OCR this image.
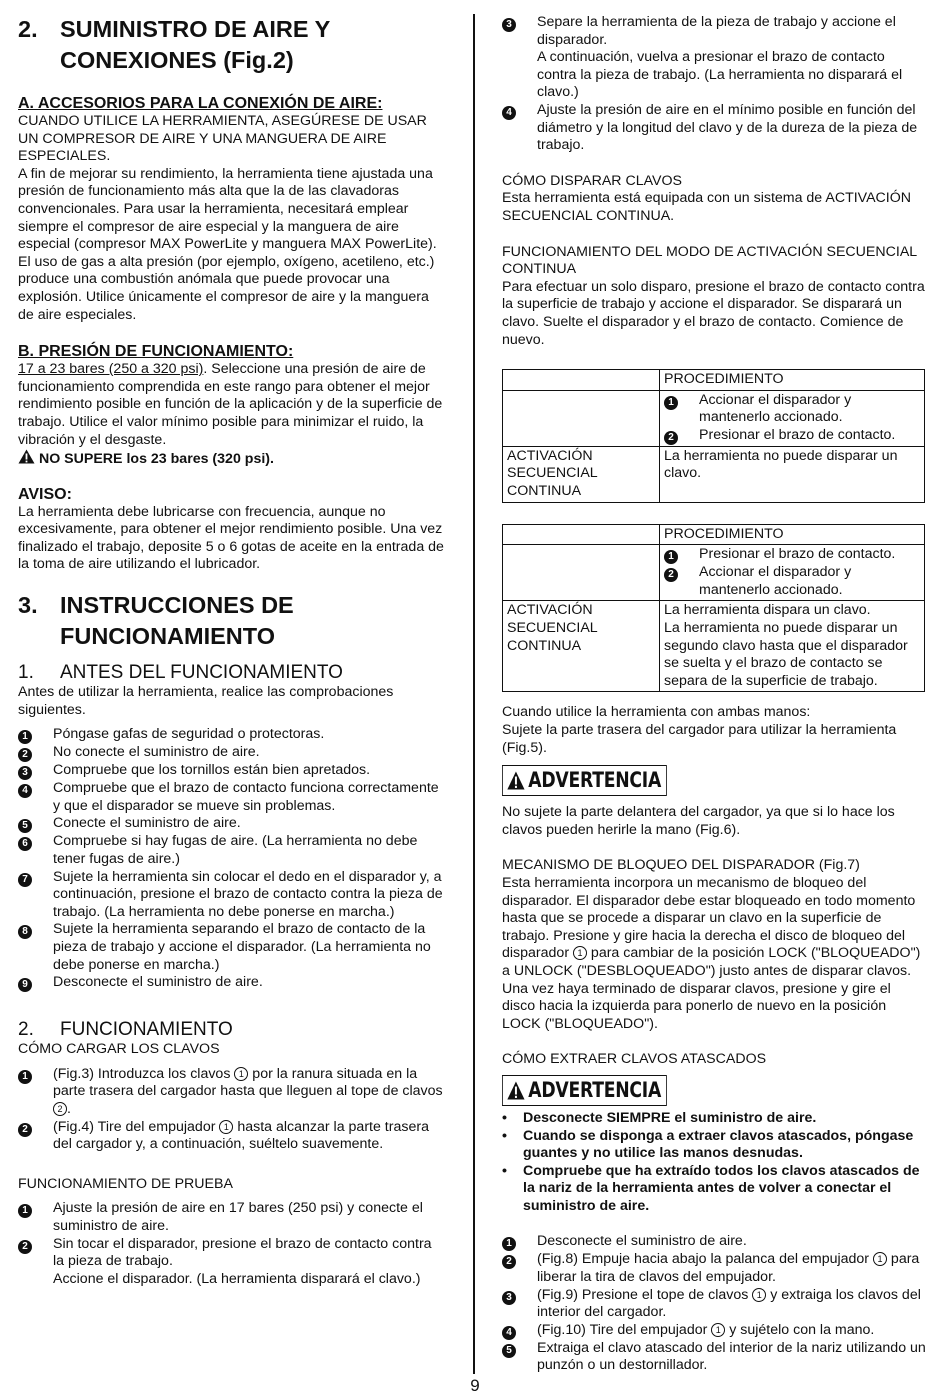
2. SUMINISTRO DE AIRE Y
CONEXIONES (Fig.2)

A. ACCESORIOS PARA LA CONEXIÓN DE AIRE:

CUANDO UTILICE LA HERRAMIENTA, ASEGÚRESE DE USAR UN COMPRESOR DE AIRE Y UNA MANGUERA DE AIRE ESPECIALES.

A fin de mejorar su rendimiento, la herramienta tiene ajustada una presión de funcionamiento más alta que la de las clavadoras convencionales. Para usar la herramienta, necesitará emplear siempre el compresor de aire especial y la manguera de aire especial (compresor MAX PowerLite y manguera MAX PowerLite).

El uso de gas a alta presión (por ejemplo, oxígeno, acetileno, etc.) produce una combustión anómala que puede provocar una explosión. Utilice únicamente el compresor de aire y la manguera de aire especiales.

B. PRESIÓN DE FUNCIONAMIENTO:

17 a 23 bares (250 a 320 psi). Seleccione una presión de aire de funcionamiento comprendida en este rango para obtener el mejor rendimiento posible en función de la aplicación y de la superficie de trabajo. Utilice el valor mínimo posible para minimizar el ruido, la vibración y el desgaste.

NO SUPERE los 23 bares (320 psi).

AVISO:

La herramienta debe lubricarse con frecuencia, aunque no excesivamente, para obtener el mejor rendimiento posible. Una vez finalizado el trabajo, deposite 5 o 6 gotas de aceite en la entrada de la toma de aire utilizando el lubricador.

3. INSTRUCCIONES DE
FUNCIONAMIENTO
1.	ANTES DEL FUNCIONAMIENTO

Antes de utilizar la herramienta, realice las comprobaciones siguientes.

1	Póngase gafas de seguridad o protectoras.
2	No conecte el suministro de aire.
3	Compruebe que los tornillos están bien apretados.
4	Compruebe que el brazo de contacto funciona correctamente y que el disparador se mueve sin problemas.
5	Conecte el suministro de aire.
6	Compruebe si hay fugas de aire. (La herramienta no debe tener fugas de aire.)
7	Sujete la herramienta sin colocar el dedo en el disparador y, a continuación, presione el brazo de contacto contra la pieza de trabajo. (La herramienta no debe ponerse en marcha.)
8	Sujete la herramienta separando el brazo de contacto de la pieza de trabajo y accione el disparador. (La herramienta no debe ponerse en marcha.)
9	Desconecte el suministro de aire.
2.	FUNCIONAMIENTO

CÓMO CARGAR LOS CLAVOS

1	(Fig.3) Introduzca los clavos 1 por la ranura situada en la parte trasera del cargador hasta que lleguen al tope de clavos 2 .
2	(Fig.4) Tire del empujador 1 hasta alcanzar la parte trasera del cargador y, a continuación, suéltelo suavemente.

FUNCIONAMIENTO DE PRUEBA

1	Ajuste la presión de aire en 17 bares (250 psi) y conecte el suministro de aire.
2	Sin tocar el disparador, presione el brazo de contacto contra la pieza de trabajo.
Accione el disparador. (La herramienta disparará el clavo.)
3	Separe la herramienta de la pieza de trabajo y accione el disparador.
A continuación, vuelva a presionar el brazo de contacto contra la pieza de trabajo. (La herramienta no disparará el clavo.)
4	Ajuste la presión de aire en el mínimo posible en función del diámetro y la longitud del clavo y de la dureza de la pieza de trabajo.

CÓMO DISPARAR CLAVOS

Esta herramienta está equipada con un sistema de ACTIVACIÓN SECUENCIAL CONTINUA.

FUNCIONAMIENTO DEL MODO DE ACTIVACIÓN SECUENCIAL CONTINUA

Para efectuar un solo disparo, presione el brazo de contacto contra la superficie de trabajo y accione el disparador. Se disparará un clavo. Suelte el disparador y el brazo de contacto. Comience de nuevo.

	PROCEDIMIENTO

	1 Accionar el disparador y mantenerlo accionado.
2 Presionar el brazo de contacto.

ACTIVACIÓN SECUENCIAL CONTINUA	La herramienta no puede disparar un clavo.
	PROCEDIMIENTO

	1 Presionar el brazo de contacto.
2 Accionar el disparador y mantenerlo accionado.

ACTIVACIÓN SECUENCIAL CONTINUA	La herramienta dispara un clavo.
La herramienta no puede disparar un segundo clavo hasta que el disparador se suelta y el brazo de contacto se separa de la superficie de trabajo.

Cuando utilice la herramienta con ambas manos:

Sujete la parte trasera del cargador para utilizar la herramienta (Fig.5).

ADVERTENCIA

No sujete la parte delantera del cargador, ya que si lo hace los clavos pueden herirle la mano (Fig.6).

MECANISMO DE BLOQUEO DEL DISPARADOR (Fig.7)

Esta herramienta incorpora un mecanismo de bloqueo del disparador. El disparador debe estar bloqueado en todo momento hasta que se procede a disparar un clavo en la superficie de trabajo. Presione y gire hacia la derecha el disco de bloqueo del disparador 1 para cambiar de la posición LOCK ("BLOQUEADO") a UNLOCK ("DESBLOQUEADO") justo antes de disparar clavos. Una vez haya terminado de disparar clavos, presione y gire el disco hacia la izquierda para ponerlo de nuevo en la posición LOCK ("BLOQUEADO").

CÓMO EXTRAER CLAVOS ATASCADOS

ADVERTENCIA
•	Desconecte SIEMPRE el suministro de aire.
•	Cuando se disponga a extraer clavos atascados, póngase guantes y no utilice las manos desnudas.
•	Compruebe que ha extraído todos los clavos atascados de la nariz de la herramienta antes de volver a conectar el suministro de aire.
1	Desconecte el suministro de aire.
2	(Fig.8) Empuje hacia abajo la palanca del empujador 1 para liberar la tira de clavos del empujador.
3	(Fig.9) Presione el tope de clavos 1 y extraiga los clavos del interior del cargador.
4	(Fig.10) Tire del empujador 1 y sujételo con la mano.
5	Extraiga el clavo atascado del interior de la nariz utilizando un punzón o un destornillador.
9
